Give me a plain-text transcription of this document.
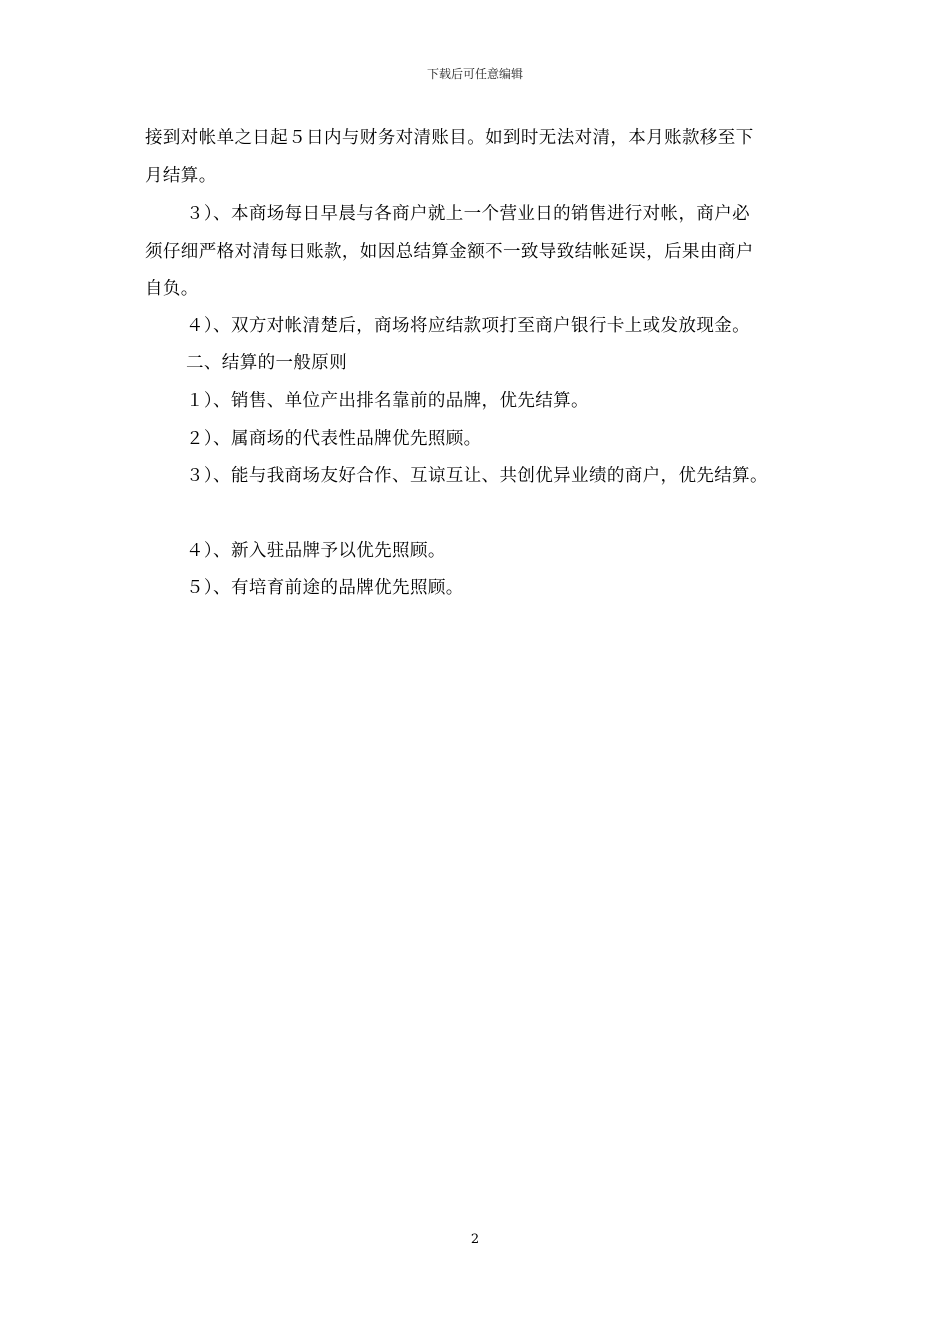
下载后可任意编辑
接到对帐单之日起５日内与财务对清账目。如到时无法对清，本月账款移至下
月结算。
３）、本商场每日早晨与各商户就上一个营业日的销售进行对帐，商户必
须仔细严格对清每日账款，如因总结算金额不一致导致结帐延误，后果由商户
自负。
４）、双方对帐清楚后，商场将应结款项打至商户银行卡上或发放现金。
二、结算的一般原则
１）、销售、单位产出排名靠前的品牌，优先结算。
２）、属商场的代表性品牌优先照顾。
３）、能与我商场友好合作、互谅互让、共创优异业绩的商户，优先结算。
４）、新入驻品牌予以优先照顾。
５）、有培育前途的品牌优先照顾。
2
